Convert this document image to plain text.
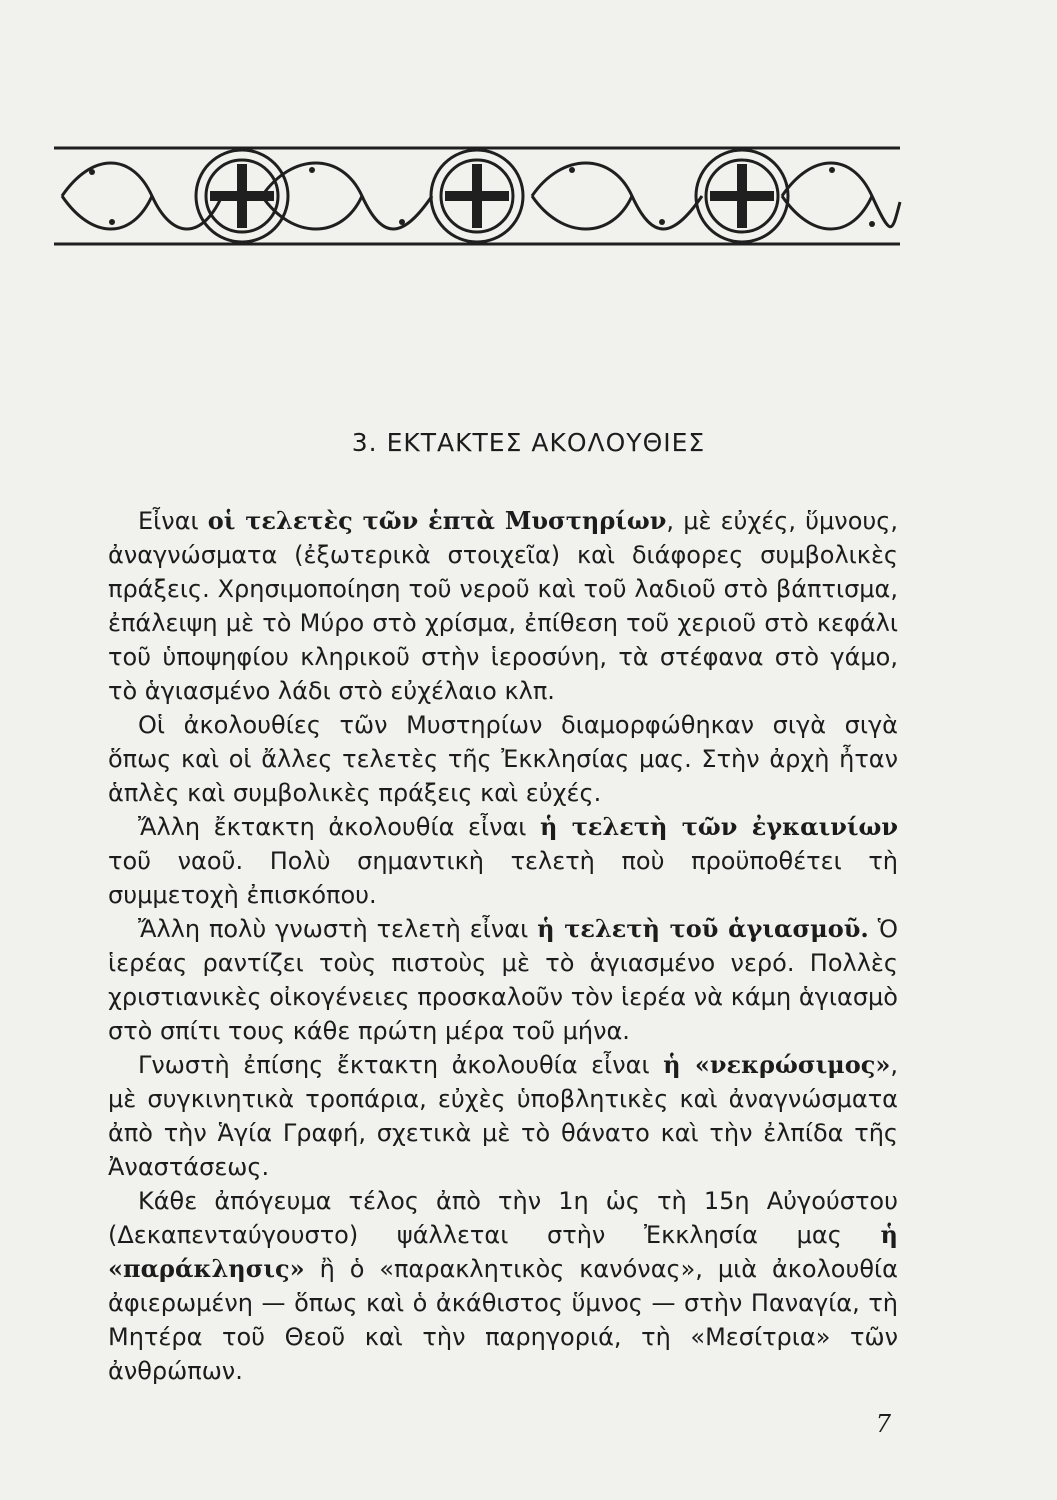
3. ΕΚΤΑΚΤΕΣ ΑΚΟΛΟΥΘΙΕΣ

Εἶναι οἱ τελετὲς τῶν ἑπτὰ Μυστηρίων, μὲ εὐχές, ὕμνους, ἀναγνώσματα (ἐξωτερικὰ στοιχεῖα) καὶ διάφορες συμβολικὲς πράξεις. Χρησιμοποίηση τοῦ νεροῦ καὶ τοῦ λαδιοῦ στὸ βάπτισμα, ἐπάλειψη μὲ τὸ Μύρο στὸ χρίσμα, ἐπίθεση τοῦ χεριοῦ στὸ κεφάλι τοῦ ὑποψηφίου κληρικοῦ στὴν ἱεροσύνη, τὰ στέφανα στὸ γάμο, τὸ ἁγιασμένο λάδι στὸ εὐχέλαιο κλπ.

Οἱ ἀκολουθίες τῶν Μυστηρίων διαμορφώθηκαν σιγὰ σιγὰ ὅπως καὶ οἱ ἄλλες τελετὲς τῆς Ἐκκλησίας μας. Στὴν ἀρχὴ ἦταν ἁπλὲς καὶ συμβολικὲς πράξεις καὶ εὐχές.

Ἄλλη ἔκτακτη ἀκολουθία εἶναι ἡ τελετὴ τῶν ἐγκαινίων τοῦ ναοῦ. Πολὺ σημαντικὴ τελετὴ ποὺ προϋποθέτει τὴ συμμετοχὴ ἐπισκόπου.

Ἄλλη πολὺ γνωστὴ τελετὴ εἶναι ἡ τελετὴ τοῦ ἁγιασμοῦ. Ὁ ἱερέας ραντίζει τοὺς πιστοὺς μὲ τὸ ἁγιασμένο νερό. Πολλὲς χριστιανικὲς οἰκογένειες προσκαλοῦν τὸν ἱερέα νὰ κάμη ἁγιασμὸ στὸ σπίτι τους κάθε πρώτη μέρα τοῦ μήνα.

Γνωστὴ ἐπίσης ἔκτακτη ἀκολουθία εἶναι ἡ «νεκρώσιμος», μὲ συγκινητικὰ τροπάρια, εὐχὲς ὑποβλητικὲς καὶ ἀναγνώσματα ἀπὸ τὴν Ἁγία Γραφή, σχετικὰ μὲ τὸ θάνατο καὶ τὴν ἐλπίδα τῆς Ἀναστάσεως.

Κάθε ἀπόγευμα τέλος ἀπὸ τὴν 1η ὡς τὴ 15η Αὐγούστου (Δεκαπενταύγουστο) ψάλλεται στὴν Ἐκκλησία μας ἡ «παράκλησις» ἢ ὁ «παρακλητικὸς κανόνας», μιὰ ἀκολουθία ἀφιερωμένη — ὅπως καὶ ὁ ἀκάθιστος ὕμνος — στὴν Παναγία, τὴ Μητέρα τοῦ Θεοῦ καὶ τὴν παρηγοριά, τὴ «Μεσίτρια» τῶν ἀνθρώπων.

7
